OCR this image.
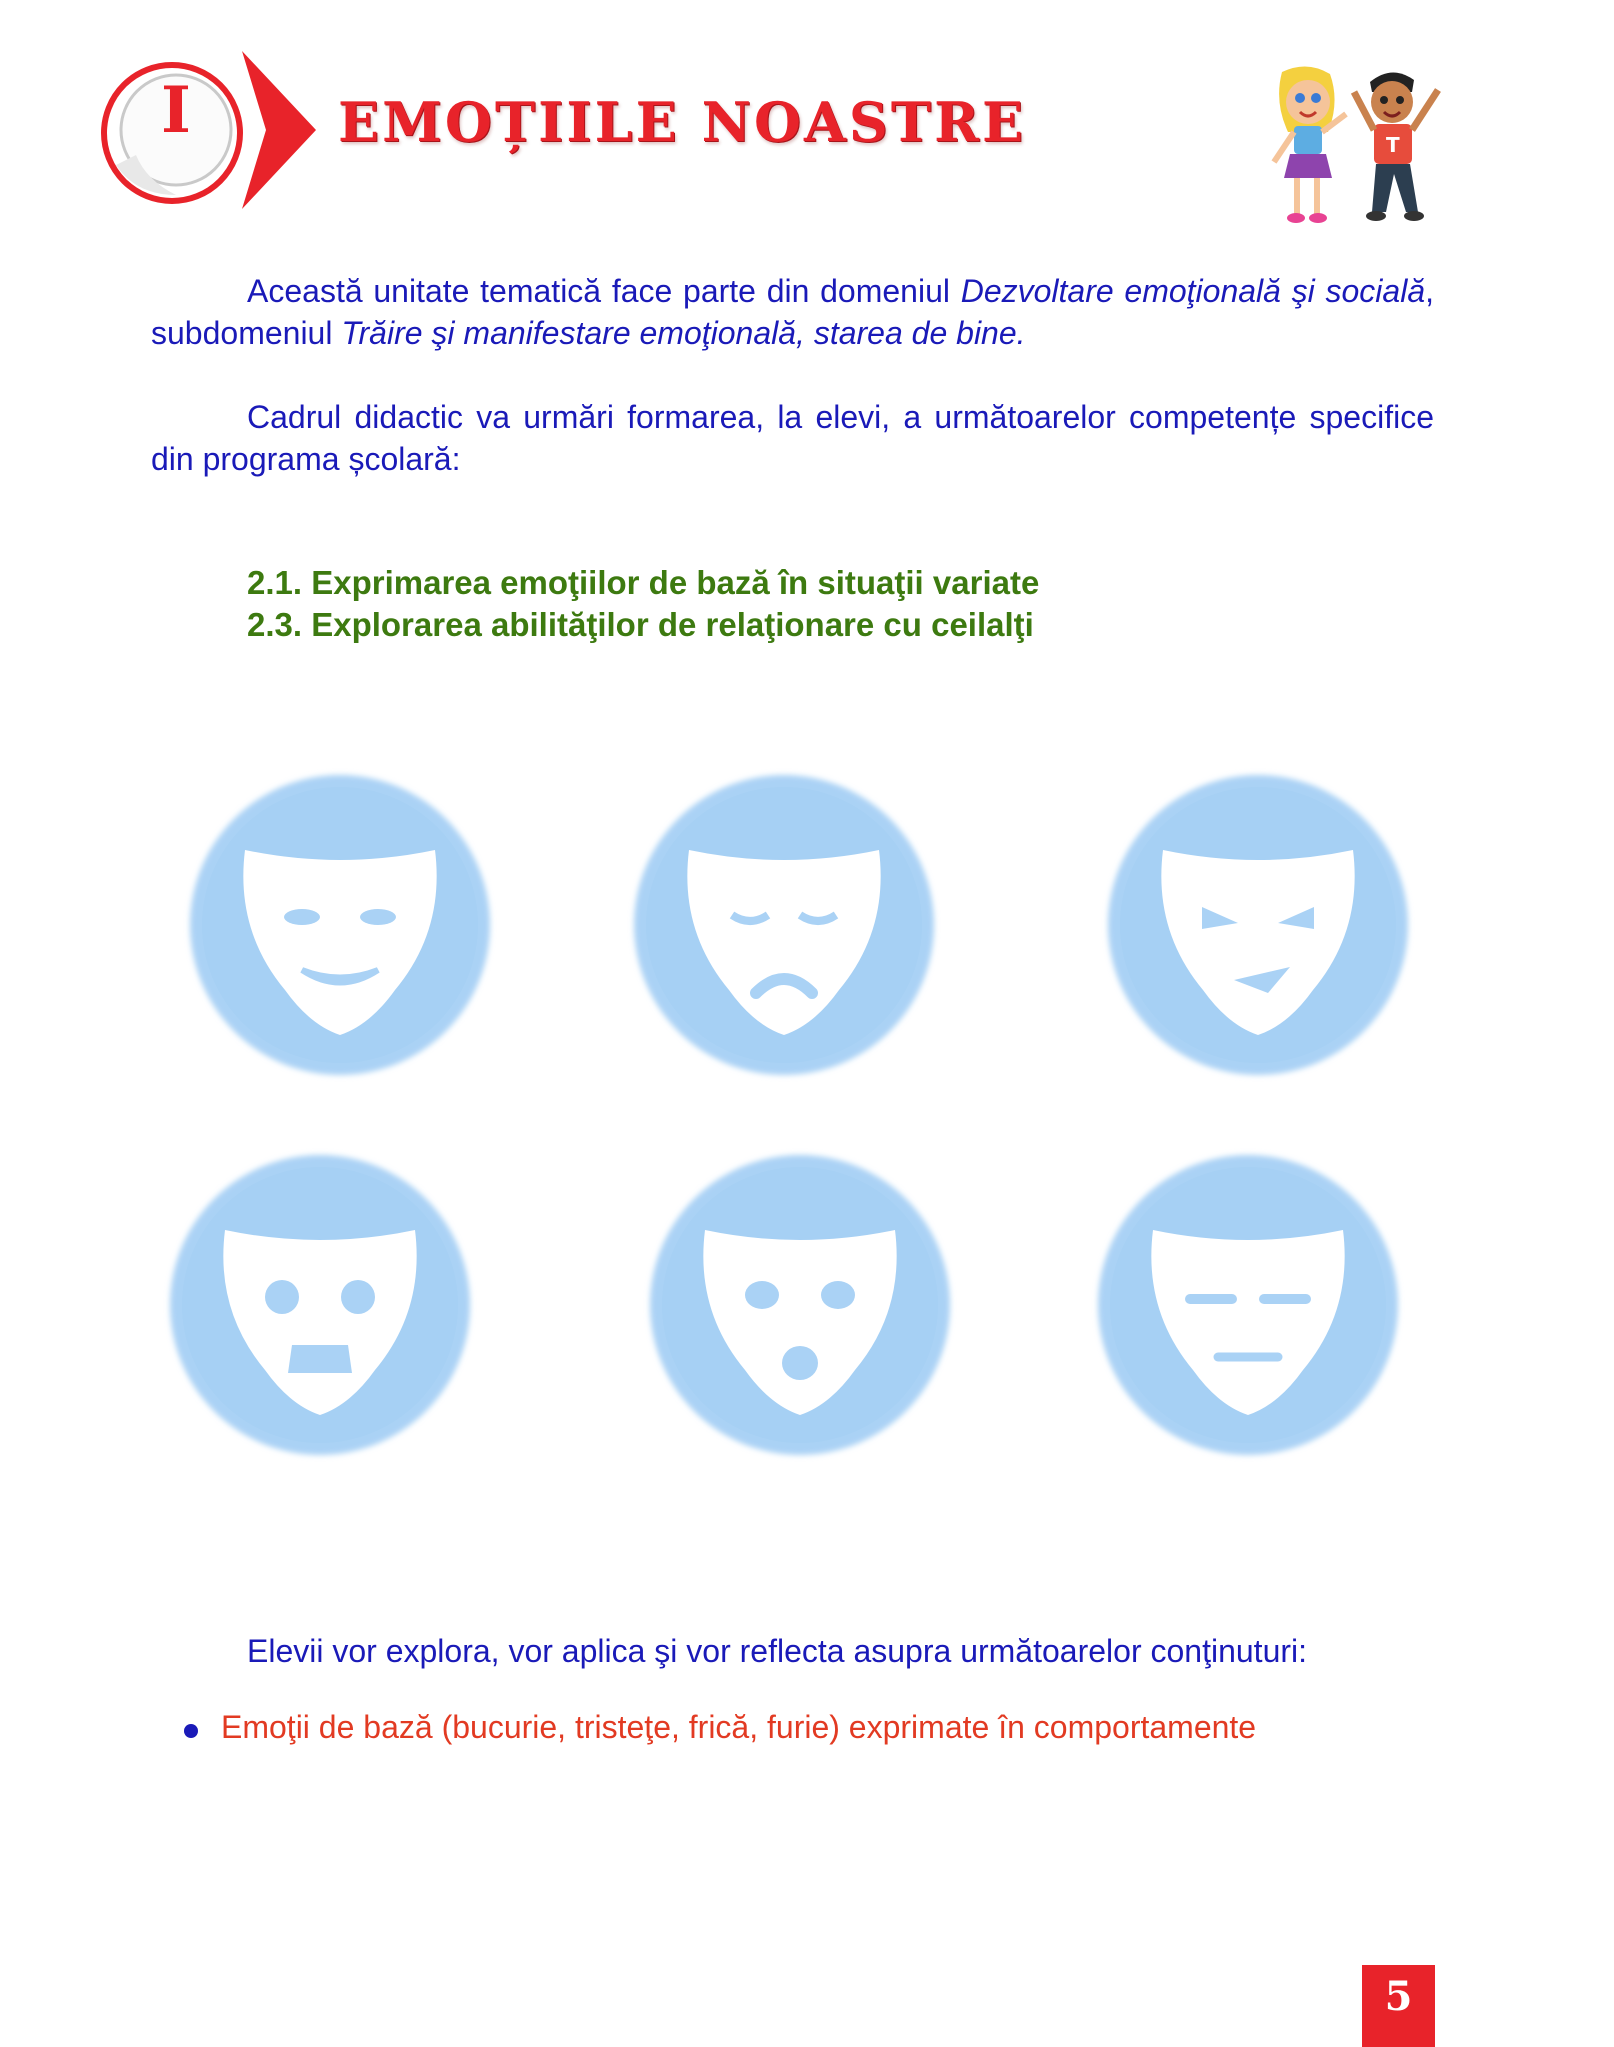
I	EMOȚIILE NOASTRE	T

Această unitate tematică face parte din domeniul Dezvoltare emoţională şi socială, subdomeniul Trăire şi manifestare emoţională, starea de bine.

Cadrul didactic va urmări formarea, la elevi, a următoarelor competențe specifice din programa școlară:

2.1. Exprimarea emoţiilor de bază în situaţii variate

2.3. Explorarea abilităţilor de relaţionare cu ceilalţi

Elevii vor explora, vor aplica şi vor reflecta asupra următoarelor conţinuturi:

Emoţii de bază (bucurie, tristeţe, frică, furie) exprimate în comportamente

5
